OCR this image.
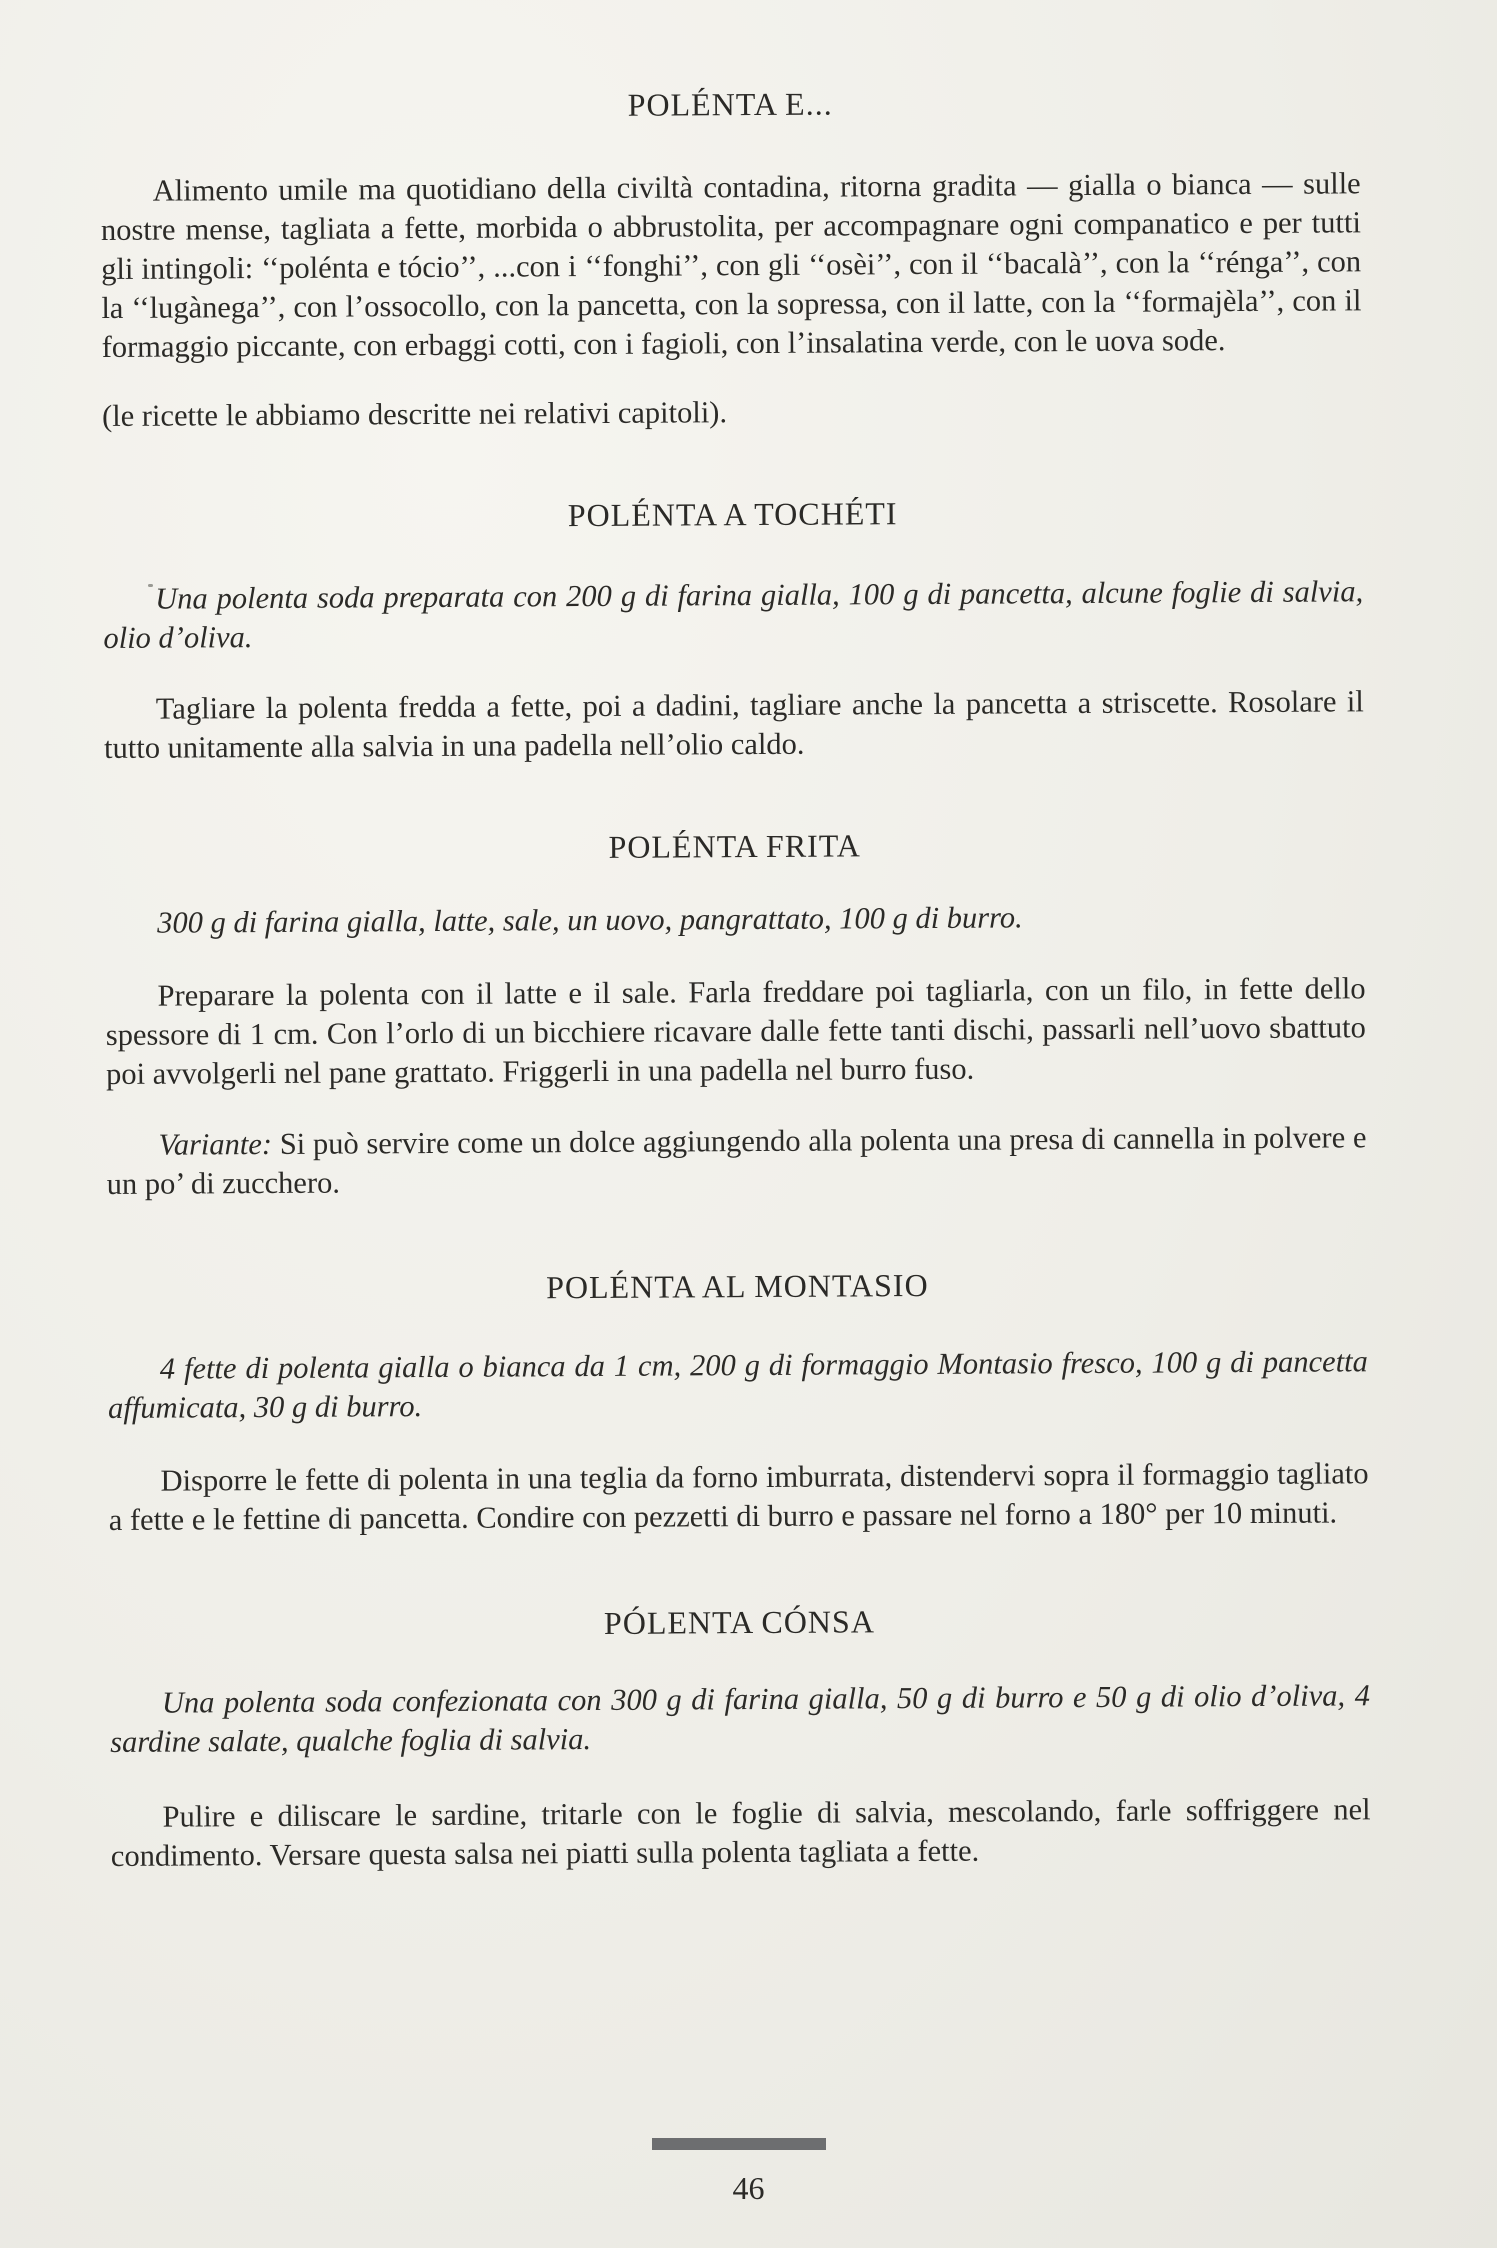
POLÉNTA E...

Alimento umile ma quotidiano della civiltà contadina, ritorna gradita — gialla o bianca — sulle nostre mense, tagliata a fette, morbida o abbrustolita, per accompagnare ogni companatico e per tutti gli intingoli: ‘‘poléntа e tócio’’, ...con i ‘‘fonghi’’, con gli ‘‘osèi’’, con il ‘‘bacalà’’, con la ‘‘rénga’’, con la ‘‘lugànega’’, con l’ossocollo, con la pancetta, con la sopressa, con il latte, con la ‘‘formajèla’’, con il formaggio piccante, con erbaggi cotti, con i fagioli, con l’insalatina verde, con le uova sode.

(le ricette le abbiamo descritte nei relativi capitoli).

POLÉNTA A TOCHÉTI

Una polenta soda preparata con 200 g di farina gialla, 100 g di pancetta, alcune foglie di salvia, olio d’oliva.

Tagliare la polenta fredda a fette, poi a dadini, tagliare anche la pancetta a striscette. Rosolare il tutto unitamente alla salvia in una padella nell’olio caldo.

POLÉNTA FRITA

300 g di farina gialla, latte, sale, un uovo, pangrattato, 100 g di burro.

Preparare la polenta con il latte e il sale. Farla freddare poi tagliarla, con un filo, in fette dello spessore di 1 cm. Con l’orlo di un bicchiere ricavare dalle fette tanti dischi, passarli nell’uovo sbattuto poi avvolgerli nel pane grattato. Friggerli in una padella nel burro fuso.

Variante: Si può servire come un dolce aggiungendo alla polenta una presa di cannella in polvere e un po’ di zucchero.

POLÉNTA AL MONTASIO

4 fette di polenta gialla o bianca da 1 cm, 200 g di formaggio Montasio fresco, 100 g di pancetta affumicata, 30 g di burro.

Disporre le fette di polenta in una teglia da forno imburrata, distendervi sopra il formaggio tagliato a fette e le fettine di pancetta. Condire con pezzetti di burro e passare nel forno a 180° per 10 minuti.

PÓLENTA CÓNSA

Una polenta soda confezionata con 300 g di farina gialla, 50 g di burro e 50 g di olio d’oliva, 4 sardine salate, qualche foglia di salvia.

Pulire e diliscare le sardine, tritarle con le foglie di salvia, mescolando, farle soffriggere nel condimento. Versare questa salsa nei piatti sulla polenta tagliata a fette.

46
